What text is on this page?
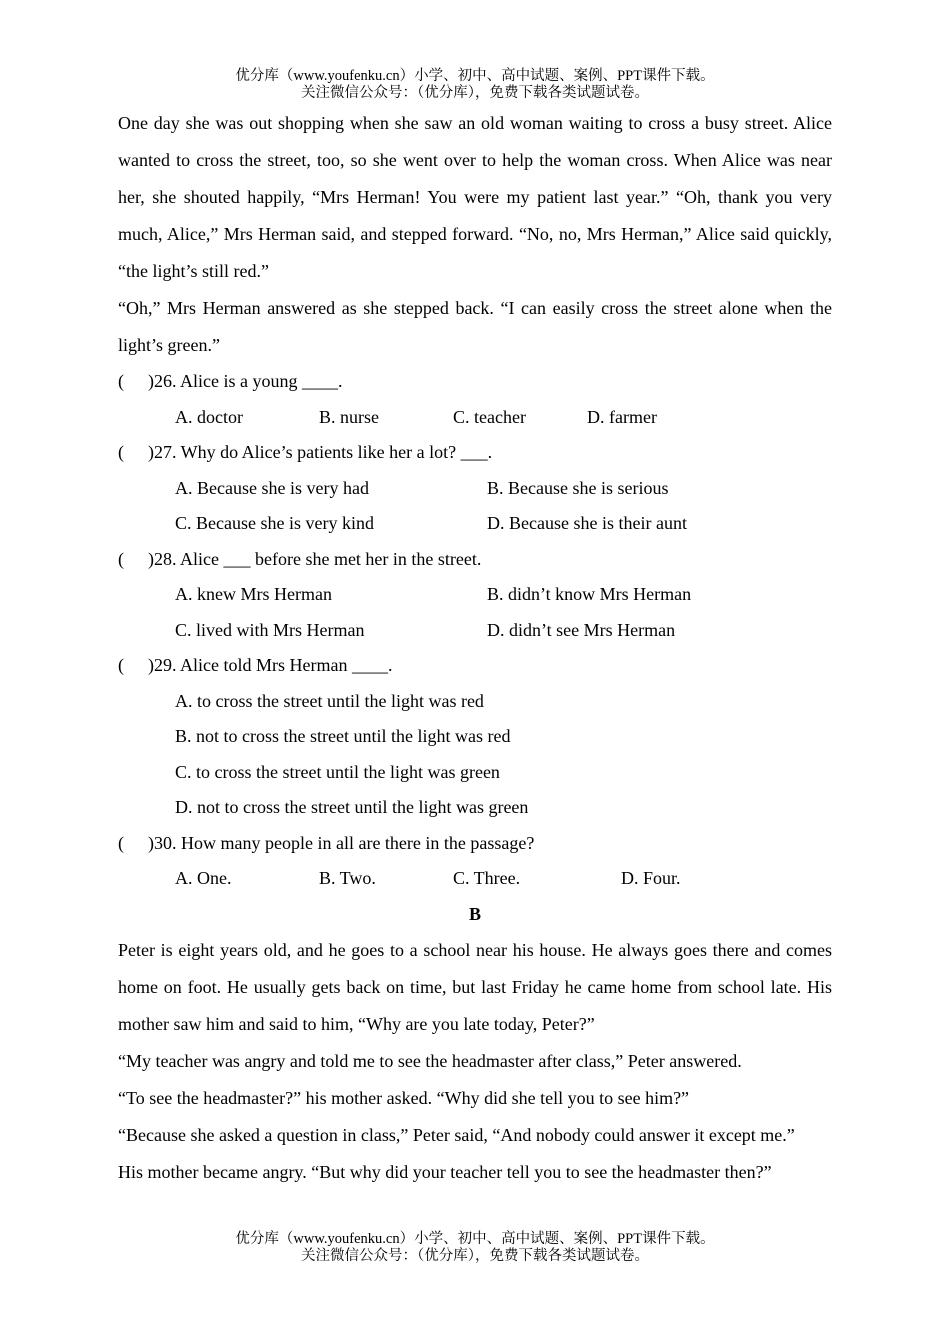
优分库（www.youfenku.cn）小学、初中、高中试题、案例、PPT课件下载。
关注微信公众号：（优分库），免费下载各类试题试卷。

One day she was out shopping when she saw an old woman waiting to cross a busy street. Alice wanted to cross the street, too, so she went over to help the woman cross. When Alice was near her, she shouted happily, “Mrs Herman! You were my patient last year.” “Oh, thank you very much, Alice,” Mrs Herman said, and stepped forward. “No, no, Mrs Herman,” Alice said quickly, “the light’s still red.”

“Oh,” Mrs Herman answered as she stepped back. “I can easily cross the street alone when the light’s green.”

( )26. Alice is a young ____.
A. doctor	B. nurse	C. teacher	D. farmer
( )27. Why do Alice’s patients like her a lot? ___.
A. Because she is very had	B. Because she is serious
C. Because she is very kind	D. Because she is their aunt
( )28. Alice ___ before she met her in the street.
A. knew Mrs Herman	B. didn’t know Mrs Herman
C. lived with Mrs Herman	D. didn’t see Mrs Herman
( )29. Alice told Mrs Herman ____.
A. to cross the street until the light was red
B. not to cross the street until the light was red
C. to cross the street until the light was green
D. not to cross the street until the light was green
( )30. How many people in all are there in the passage?
A. One.	B. Two.	C. Three.	D. Four.
B

Peter is eight years old, and he goes to a school near his house. He always goes there and comes home on foot. He usually gets back on time, but last Friday he came home from school late. His mother saw him and said to him, “Why are you late today, Peter?”

“My teacher was angry and told me to see the headmaster after class,” Peter answered.

“To see the headmaster?” his mother asked. “Why did she tell you to see him?”

“Because she asked a question in class,” Peter said, “And nobody could answer it except me.”

His mother became angry. “But why did your teacher tell you to see the headmaster then?”

优分库（www.youfenku.cn）小学、初中、高中试题、案例、PPT课件下载。
关注微信公众号：（优分库），免费下载各类试题试卷。
